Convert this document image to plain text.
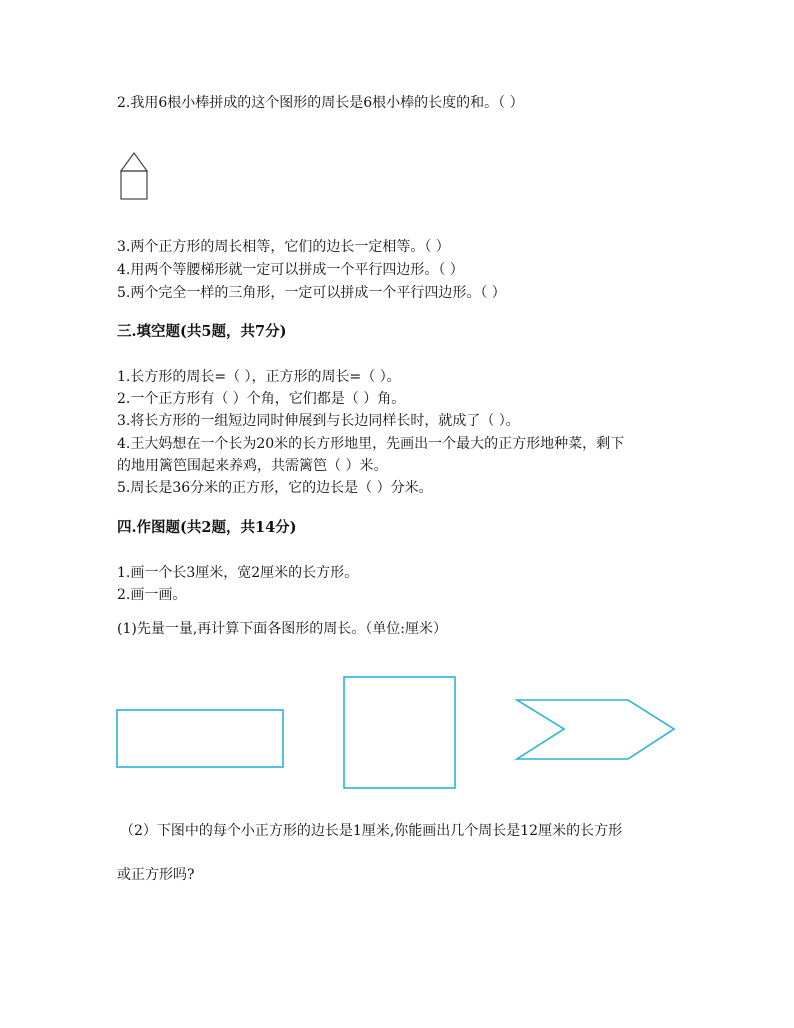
2.我用6根小棒拼成的这个图形的周长是6根小棒的长度的和。（ ）
3.两个正方形的周长相等，它们的边长一定相等。（ ）
4.用两个等腰梯形就一定可以拼成一个平行四边形。（ ）
5.两个完全一样的三角形，一定可以拼成一个平行四边形。（ ）
三.填空题(共5题，共7分)
1.长方形的周长=（ ），正方形的周长=（ ）。
2.一个正方形有（ ）个角，它们都是（ ）角。
3.将长方形的一组短边同时伸展到与长边同样长时，就成了（ ）。
4.王大妈想在一个长为20米的长方形地里，先画出一个最大的正方形地种菜，剩下
的地用篱笆围起来养鸡，共需篱笆（ ）米。
5.周长是36分米的正方形，它的边长是（ ）分米。
四.作图题(共2题，共14分)
1.画一个长3厘米，宽2厘米的长方形。
2.画一画。
(1)先量一量,再计算下面各图形的周长。（单位:厘米）
（2）下图中的每个小正方形的边长是1厘米,你能画出几个周长是12厘米的长方形
或正方形吗?
